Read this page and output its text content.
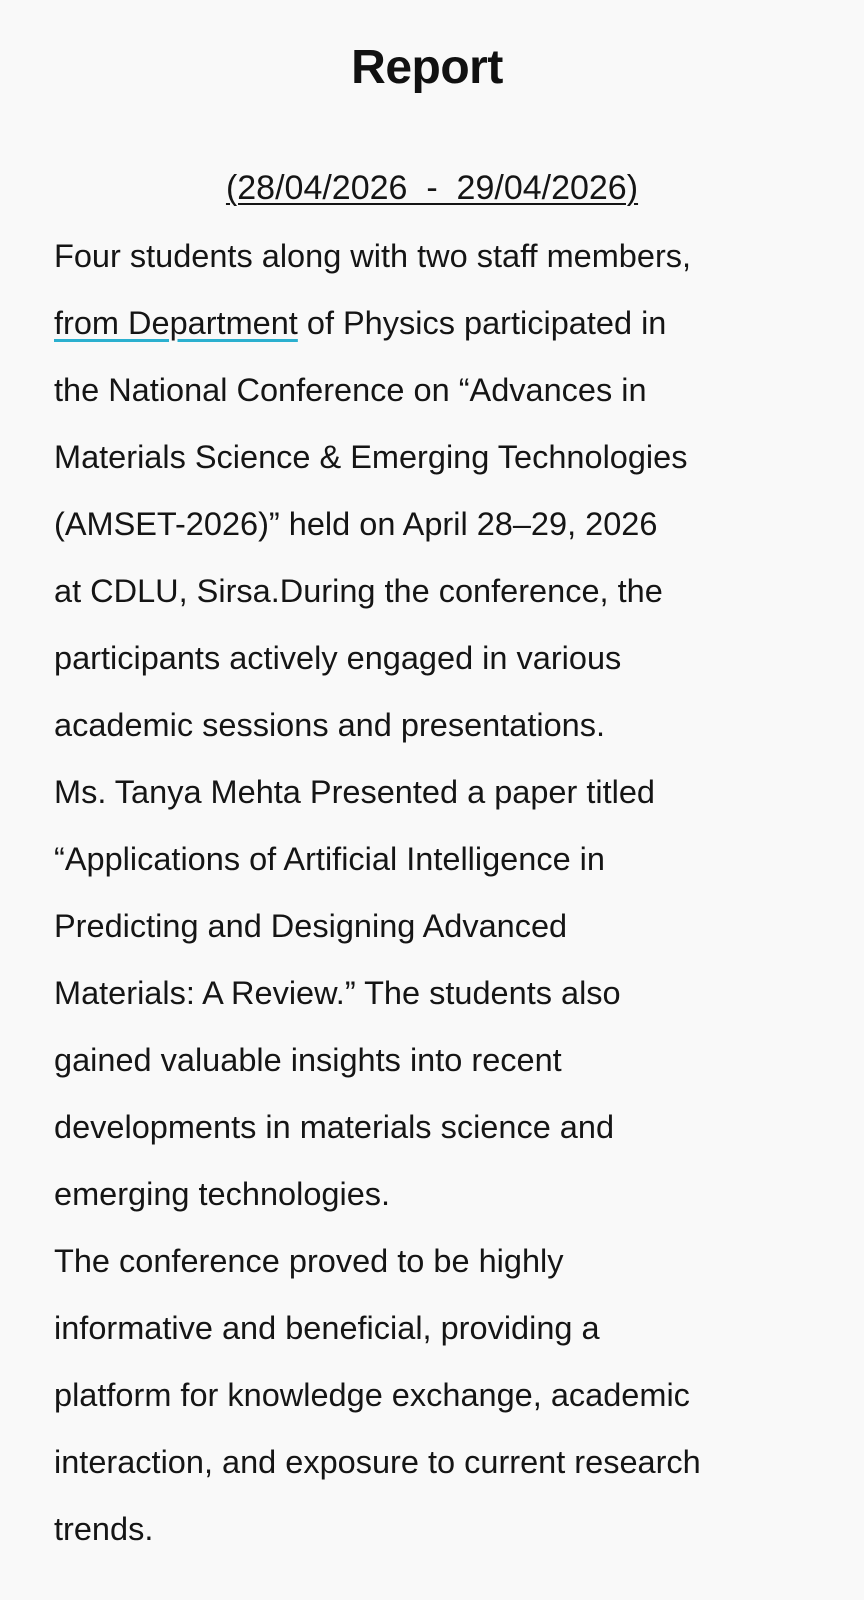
Report
(28/04/2026  -  29/04/2026)
Four students along with two staff members,
from Department of Physics participated in
the National Conference on “Advances in
Materials Science & Emerging Technologies
(AMSET-2026)” held on April 28–29, 2026
at CDLU, Sirsa.During the conference, the
participants actively engaged in various
academic sessions and presentations.
Ms. Tanya Mehta Presented a paper titled
“Applications of Artificial Intelligence in
Predicting and Designing Advanced
Materials: A Review.” The students also
gained valuable insights into recent
developments in materials science and
emerging technologies.
The conference proved to be highly
informative and beneficial, providing a
platform for knowledge exchange, academic
interaction, and exposure to current research
trends.
